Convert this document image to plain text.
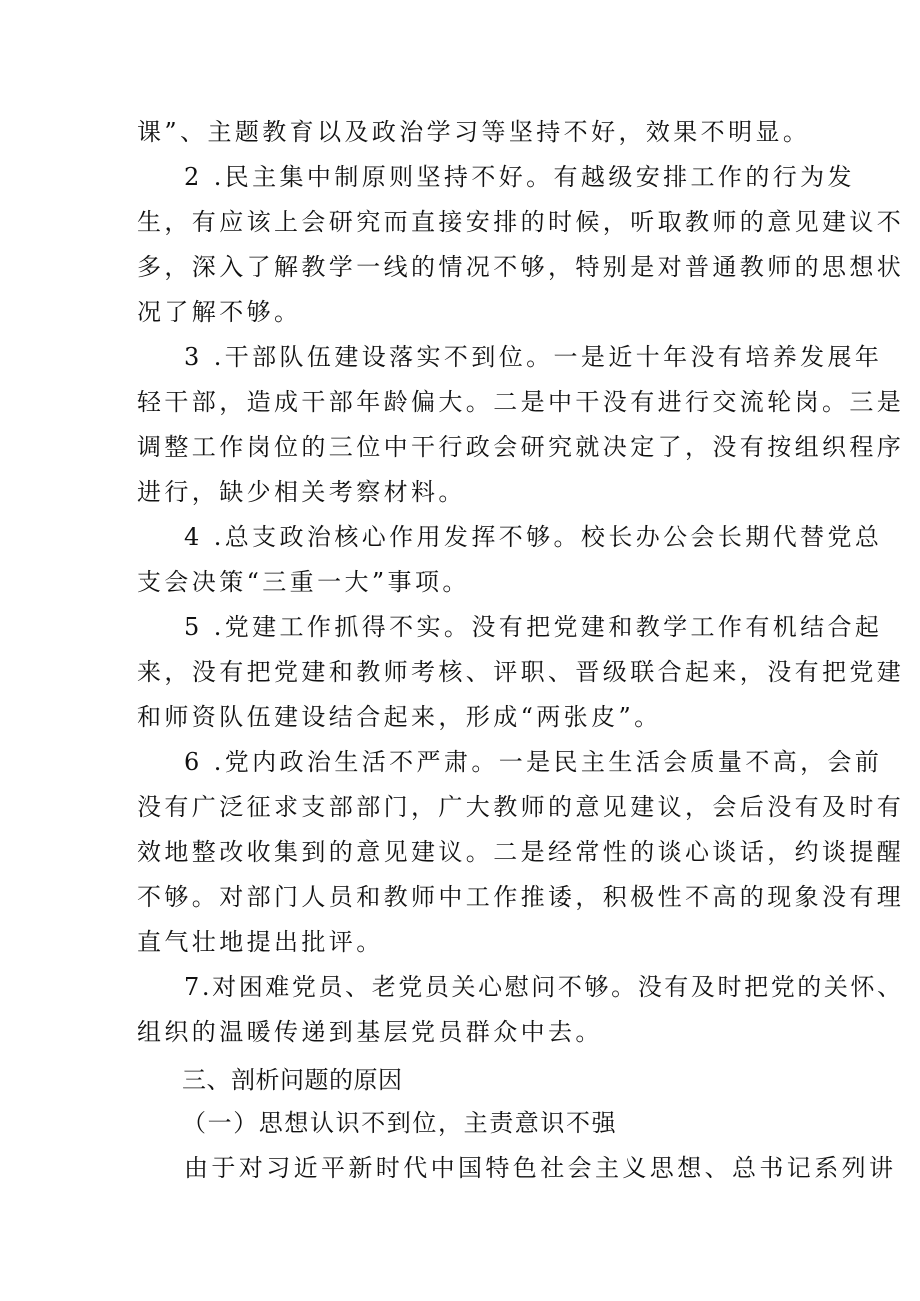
课”、主题教育以及政治学习等坚持不好，效果不明显。
2 .民主集中制原则坚持不好。有越级安排工作的行为发
生，有应该上会研究而直接安排的时候，听取教师的意见建议不
多，深入了解教学一线的情况不够，特别是对普通教师的思想状
况了解不够。
3 .干部队伍建设落实不到位。一是近十年没有培养发展年
轻干部，造成干部年龄偏大。二是中干没有进行交流轮岗。三是
调整工作岗位的三位中干行政会研究就决定了，没有按组织程序
进行，缺少相关考察材料。
4 .总支政治核心作用发挥不够。校长办公会长期代替党总
支会决策“三重一大”事项。
5 .党建工作抓得不实。没有把党建和教学工作有机结合起
来，没有把党建和教师考核、评职、晋级联合起来，没有把党建
和师资队伍建设结合起来，形成“两张皮”。
6 .党内政治生活不严肃。一是民主生活会质量不高，会前
没有广泛征求支部部门，广大教师的意见建议，会后没有及时有
效地整改收集到的意见建议。二是经常性的谈心谈话，约谈提醒
不够。对部门人员和教师中工作推诿，积极性不高的现象没有理
直气壮地提出批评。
7.对困难党员、老党员关心慰问不够。没有及时把党的关怀、
组织的温暖传递到基层党员群众中去。
三、剖析问题的原因
（一）思想认识不到位，主责意识不强
由于对习近平新时代中国特色社会主义思想、总书记系列讲
